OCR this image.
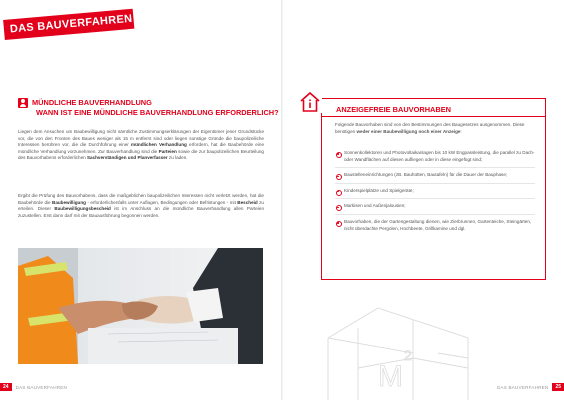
DAS BAUVERFAHREN
MÜNDLICHE BAUVERHANDLUNG
WANN IST EINE MÜNDLICHE BAUVERHANDLUNG ERFORDERLICH?

Liegen dem Ansuchen um Baubewilligung nicht sämtliche Zustimmungserklärungen der Eigentümer jener Grundstücke vor, die von den Fronten des Baues weniger als 15 m entfernt sind oder liegen sonstige Gründe die baupolizeiliche Interessen berühren vor, die die Durchführung einer mündlichen Verhandlung erfordern, hat die Baubehörde eine mündliche Verhandlung vorzunehmen. Zur Bauverhandlung sind die Parteien sowie die zur baupolizeilichen Beurteilung des Bauvorhabens erforderlichen Sachverständigen und Planverfasser zu laden.

Ergibt die Prüfung des Bauvorhabens, dass die maßgeblichen baupolizeilichen Interessen nicht verletzt werden, hat die Baubehörde die Baubewilligung - erforderlichenfalls unter Auflagen, Bedingungen oder Befristungen - mit Bescheid zu erteilen. Dieser Baubewilligungsbescheid ist im Anschluss an die mündliche Bauverhandlung allen Parteien zuzustellen. Erst dann darf mit der Bauausführung begonnen werden.

ANZEIGEFREIE BAUVORHABEN

Folgende Bauvorhaben sind von den Bestimmungen des Baugesetzes ausgenommen. Diese benötigen weder einer Baubewilligung noch einer Anzeige:

Sonnenkollektoren und Photovoltaikanlagen bis 10 kW Engpassleistung, die parallel zu Dach- oder Wandflächen auf diesen aufliegen oder in diese eingefügt sind;
Baustelleneinrichtungen (zB. Bauhütten, Bautafeln) für die Dauer der Bauphase;
Kinderspielplätze und Spielgeräte;
Markisen und Außenjalousien;
Bauvorhaben, die der Gartengestaltung dienen, wie Zierbrunnen, Gartenteiche, Steingärten, nicht überdachte Pergolen, Hochbeete, Grillkamine und dgl.
M
2
24	DAS BAUVERFAHREN	DAS BAUVERFAHREN	25
